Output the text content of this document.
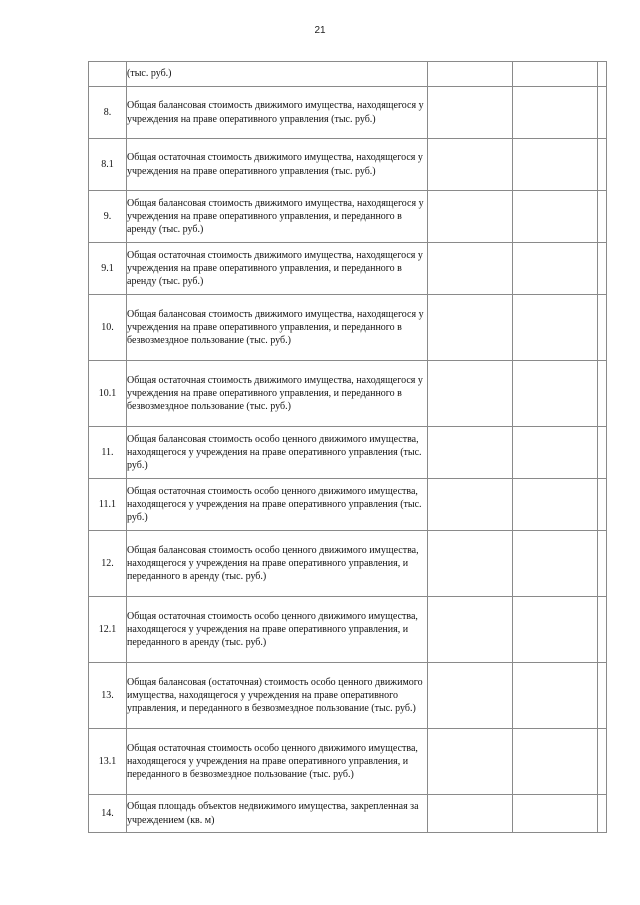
21
	(тыс. руб.)			
8.	Общая балансовая стоимость движимого имущества, находящегося у учреждения на праве оперативного управления (тыс. руб.)			
8.1	Общая остаточная стоимость движимого имущества, находящегося у учреждения на праве оперативного управления (тыс. руб.)			
9.	Общая балансовая стоимость движимого имущества, находящегося у учреждения на праве оперативного управления, и переданного в аренду (тыс. руб.)			
9.1	Общая остаточная стоимость движимого имущества, находящегося у учреждения на праве оперативного управления, и переданного в аренду (тыс. руб.)			
10.	Общая балансовая стоимость движимого имущества, находящегося у учреждения на праве оперативного управления, и переданного в безвозмездное пользование (тыс. руб.)			
10.1	Общая остаточная стоимость движимого имущества, находящегося у учреждения на праве оперативного управления, и переданного в безвозмездное пользование (тыс. руб.)			
11.	Общая балансовая стоимость особо ценного движимого имущества, находящегося у учреждения на праве оперативного управления (тыс. руб.)			
11.1	Общая остаточная стоимость особо ценного движимого имущества, находящегося у учреждения на праве оперативного управления (тыс. руб.)			
12.	Общая балансовая стоимость особо ценного движимого имущества, находящегося у учреждения на праве оперативного управления, и переданного в аренду (тыс. руб.)			
12.1	Общая остаточная стоимость особо ценного движимого имущества, находящегося у учреждения на праве оперативного управления, и переданного в аренду (тыс. руб.)			
13.	Общая балансовая (остаточная) стоимость особо ценного движимого имущества, находящегося у учреждения на праве оперативного управления, и переданного в безвозмездное пользование (тыс. руб.)			
13.1	Общая остаточная стоимость особо ценного движимого имущества, находящегося у учреждения на праве оперативного управления, и переданного в безвозмездное пользование (тыс. руб.)			
14.	Общая площадь объектов недвижимого имущества, закрепленная за учреждением (кв. м)			
